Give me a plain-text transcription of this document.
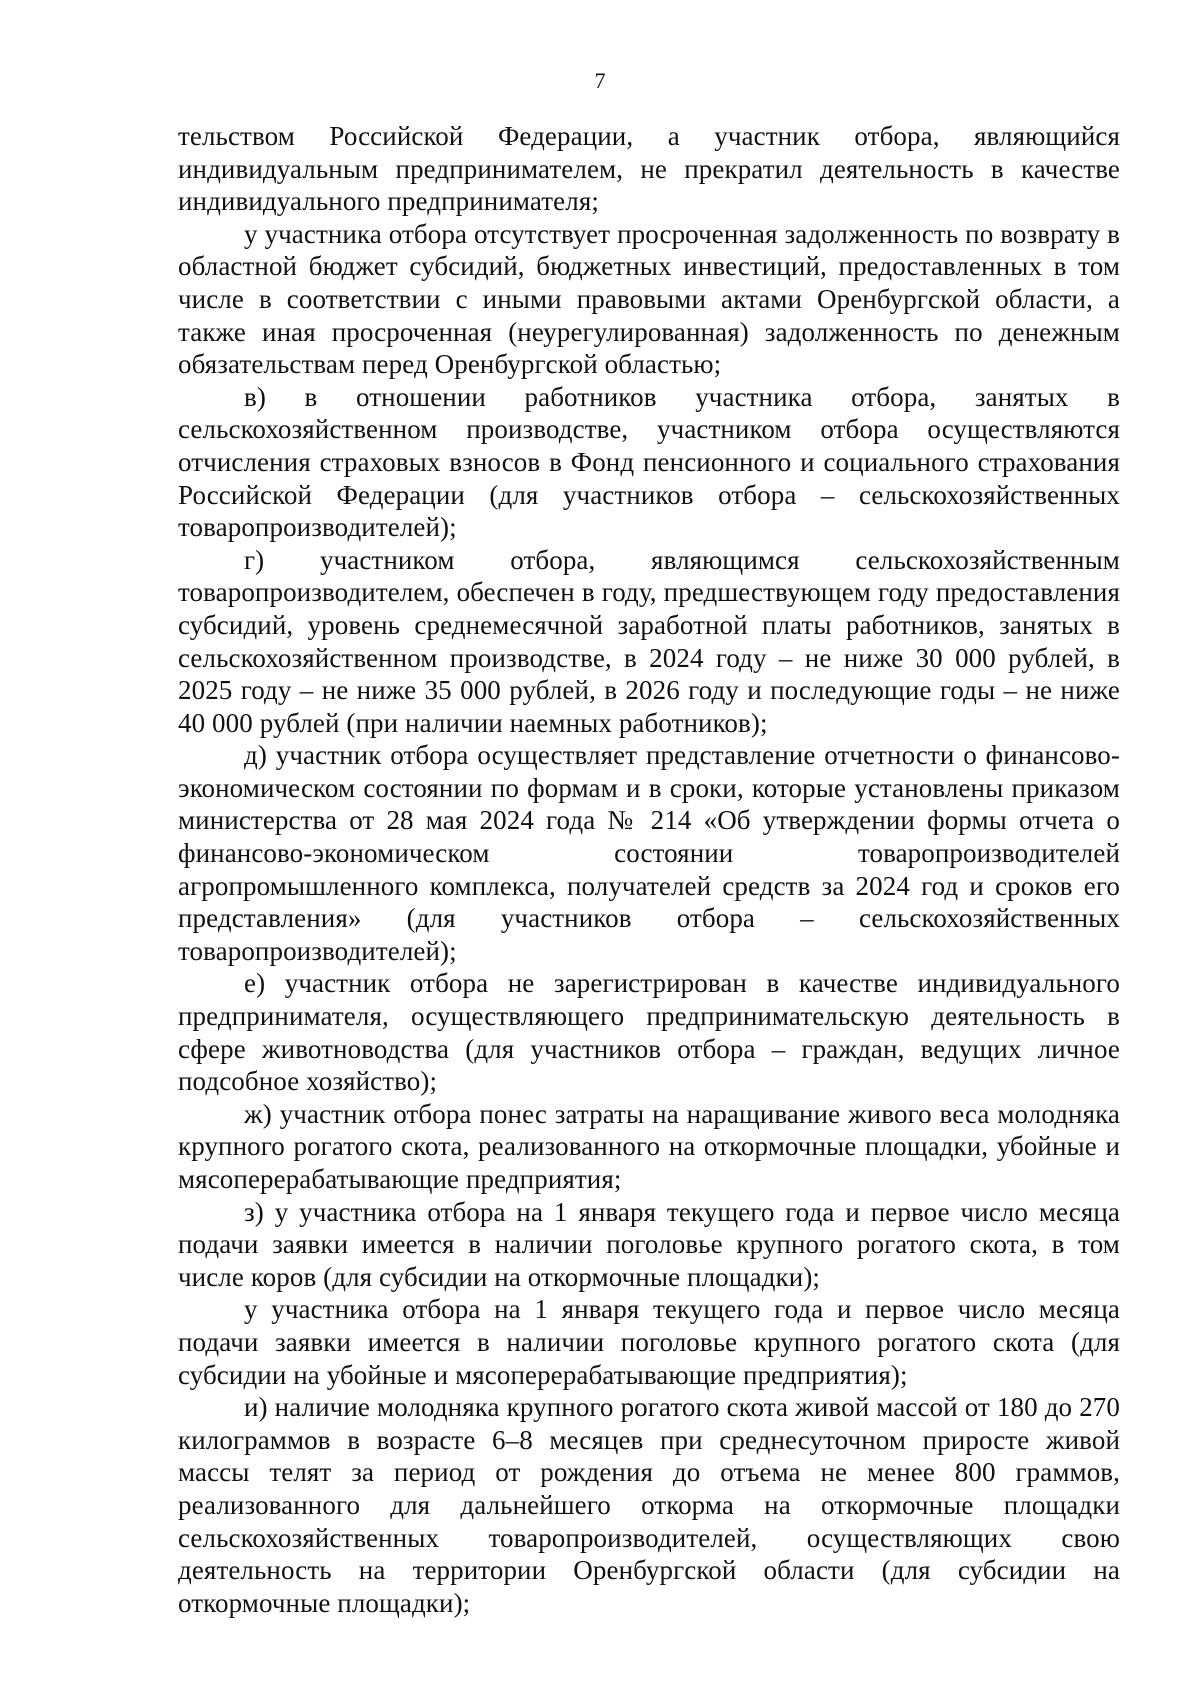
7

тельством Российской Федерации, а участник отбора, являющийся индивидуальным предпринимателем, не прекратил деятельность в качестве индивидуального предпринимателя;

у участника отбора отсутствует просроченная задолженность по возврату в областной бюджет субсидий, бюджетных инвестиций, предоставленных в том числе в соответствии с иными правовыми актами Оренбургской области, а также иная просроченная (неурегулированная) задолженность по денежным обязательствам перед Оренбургской областью;

в) в отношении работников участника отбора, занятых в сельскохозяйственном производстве, участником отбора осуществляются отчисления страховых взносов в Фонд пенсионного и социального страхования Российской Федерации (для участников отбора – сельскохозяйственных товаропроизводителей);

г) участником отбора, являющимся сельскохозяйственным товаропроизводителем, обеспечен в году, предшествующем году предоставления субсидий, уровень среднемесячной заработной платы работников, занятых в сельскохозяйственном производстве, в 2024 году – не ниже 30 000 рублей, в 2025 году – не ниже 35 000 рублей, в 2026 году и последующие годы – не ниже 40 000 рублей (при наличии наемных работников);

д) участник отбора осуществляет представление отчетности о финансово-экономическом состоянии по формам и в сроки, которые установлены приказом министерства от 28 мая 2024 года № 214 «Об утверждении формы отчета о финансово-экономическом состоянии товаропроизводителей агропромышленного комплекса, получателей средств за 2024 год и сроков его представления» (для участников отбора – сельскохозяйственных товаропроизводителей);

е) участник отбора не зарегистрирован в качестве индивидуального предпринимателя, осуществляющего предпринимательскую деятельность в сфере животноводства (для участников отбора – граждан, ведущих личное подсобное хозяйство);

ж) участник отбора понес затраты на наращивание живого веса молодняка крупного рогатого скота, реализованного на откормочные площадки, убойные и мясоперерабатывающие предприятия;

з) у участника отбора на 1 января текущего года и первое число месяца подачи заявки имеется в наличии поголовье крупного рогатого скота, в том числе коров (для субсидии на откормочные площадки);

у участника отбора на 1 января текущего года и первое число месяца подачи заявки имеется в наличии поголовье крупного рогатого скота (для субсидии на убойные и мясоперерабатывающие предприятия);

и) наличие молодняка крупного рогатого скота живой массой от 180 до 270 килограммов в возрасте 6–8 месяцев при среднесуточном приросте живой массы телят за период от рождения до отъема не менее 800 граммов, реализованного для дальнейшего откорма на откормочные площадки сельскохозяйственных товаропроизводителей, осуществляющих свою деятельность на территории Оренбургской области (для субсидии на откормочные площадки);
